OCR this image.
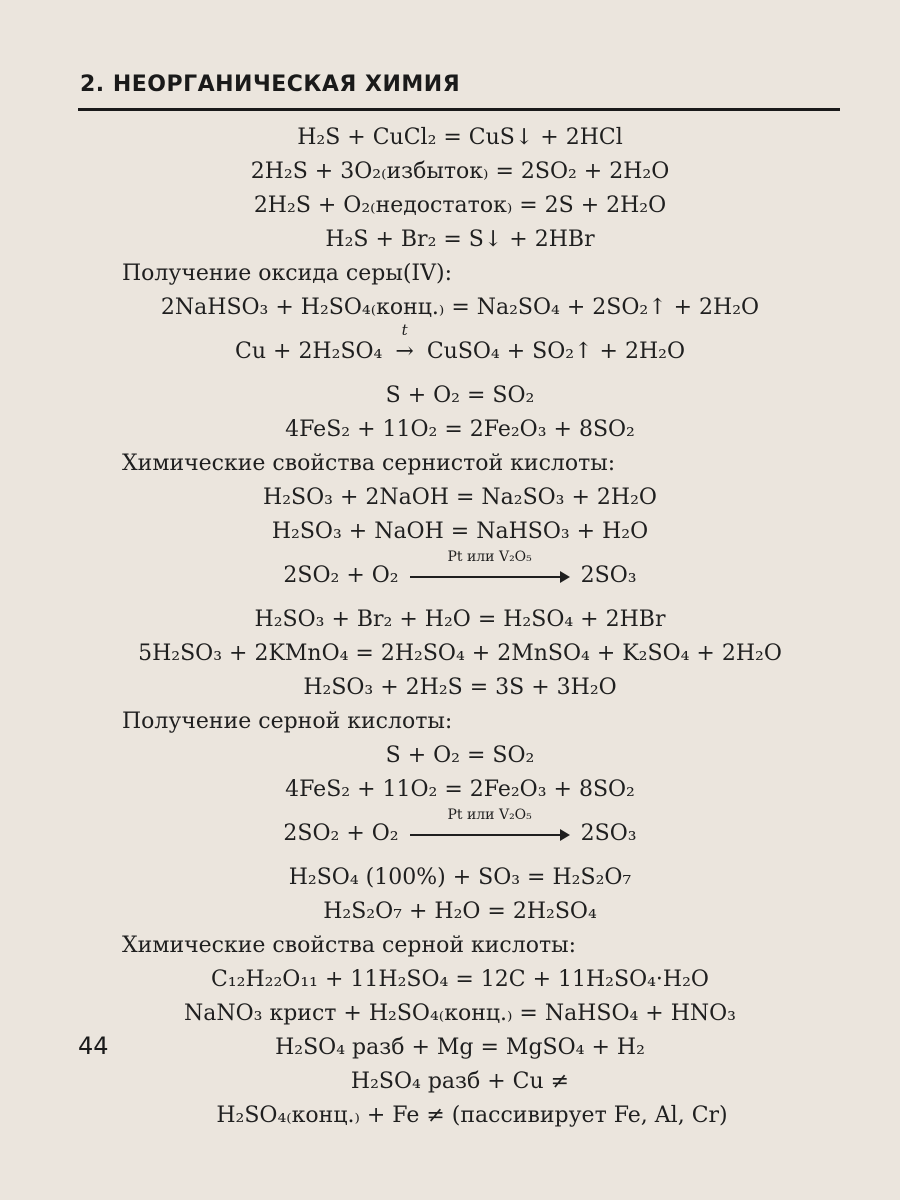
2. НЕОРГАНИЧЕСКАЯ ХИМИЯ
H₂S + CuCl₂ = CuS↓ + 2HCl
2H₂S + 3O₂₍избыток₎ = 2SO₂ + 2H₂O
2H₂S + O₂₍недостаток₎ = 2S + 2H₂O
H₂S + Br₂ = S↓ + 2HBr
Получение оксида серы(IV):
2NaHSO₃ + H₂SO₄₍конц.₎ = Na₂SO₄ + 2SO₂↑ + 2H₂O
Cu + 2H₂SO₄
t
→ CuSO₄ + SO₂↑ + 2H₂O
S + O₂ = SO₂
4FeS₂ + 11O₂ = 2Fe₂O₃ + 8SO₂
Химические свойства сернистой кислоты:
H₂SO₃ + 2NaOH = Na₂SO₃ + 2H₂O
H₂SO₃ + NaOH = NaHSO₃ + H₂O
2SO₂ + O₂
Pt или V₂O₅
2SO₃
H₂SO₃ + Br₂ + H₂O = H₂SO₄ + 2HBr
5H₂SO₃ + 2KMnO₄ = 2H₂SO₄ + 2MnSO₄ + K₂SO₄ + 2H₂O
H₂SO₃ + 2H₂S = 3S + 3H₂O
Получение серной кислоты:
S + O₂ = SO₂
4FeS₂ + 11O₂ = 2Fe₂O₃ + 8SO₂
2SO₂ + O₂
Pt или V₂O₅
2SO₃
H₂SO₄ (100%) + SO₃ = H₂S₂O₇
H₂S₂O₇ + H₂O = 2H₂SO₄
Химические свойства серной кислоты:
C₁₂H₂₂O₁₁ + 11H₂SO₄ = 12C + 11H₂SO₄·H₂O
NaNO₃ крист + H₂SO₄₍конц.₎ = NaHSO₄ + HNO₃
H₂SO₄ разб + Mg = MgSO₄ + H₂
H₂SO₄ разб + Cu ≠
H₂SO₄₍конц.₎ + Fe ≠ (пассивирует Fe, Al, Cr)
44
